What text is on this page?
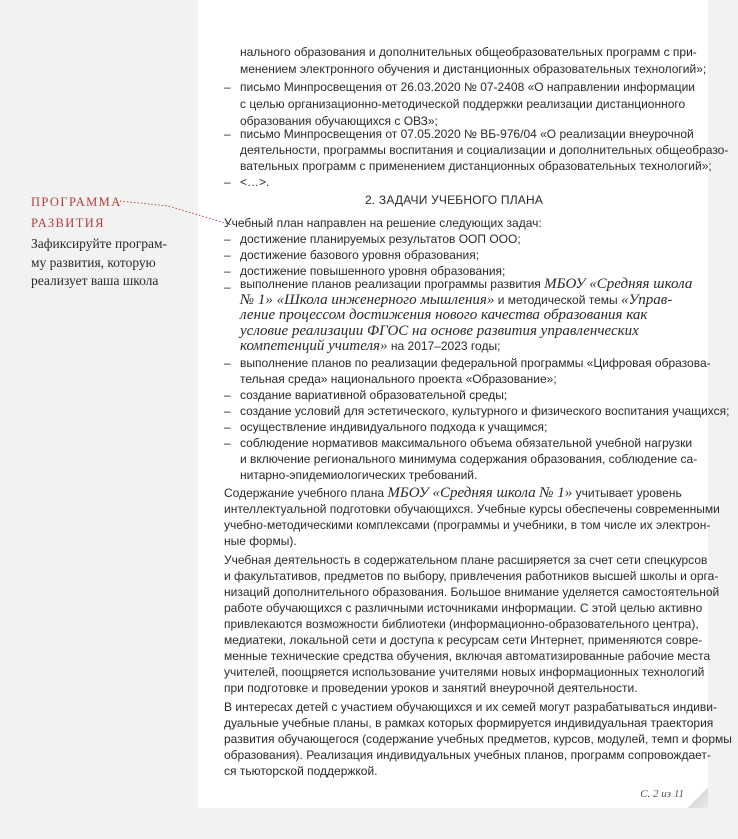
ПРОГРАММА
РАЗВИТИЯ
Зафиксируйте програм-
му развития, которую
реализует ваша школа
нального образования и дополнительных общеобразовательных программ с при-
менением электронного обучения и дистанционных образовательных технологий»;
– письмо Минпросвещения от 26.03.2020 № 07-2408 «О направлении информации
с целью организационно-методической поддержки реализации дистанционного
образования обучающихся с ОВЗ»;
– письмо Минпросвещения от 07.05.2020 № ВБ-976/04 «О реализации внеурочной
деятельности, программы воспитания и социализации и дополнительных общеобразо-
вательных программ с применением дистанционных образовательных технологий»;
– <…>.
2. ЗАДАЧИ УЧЕБНОГО ПЛАНА
Учебный план направлен на решение следующих задач:
– достижение планируемых результатов ООП ООО;
– достижение базового уровня образования;
– достижение повышенного уровня образования;
– выполнение планов реализации программы развития МБОУ «Средняя школа
№ 1» «Школа инженерного мышления» и методической темы «Управ-
ление процессом достижения нового качества образования как
условие реализации ФГОС на основе развития управленческих
компетенций учителя» на 2017–2023 годы;
– выполнение планов по реализации федеральной программы «Цифровая образова-
тельная среда» национального проекта «Образование»;
– создание вариативной образовательной среды;
– создание условий для эстетического, культурного и физического воспитания учащихся;
– осуществление индивидуального подхода к учащимся;
– соблюдение нормативов максимального объема обязательной учебной нагрузки
и включение регионального минимума содержания образования, соблюдение са-
нитарно-эпидемиологических требований.
Содержание учебного плана МБОУ «Средняя школа № 1» учитывает уровень
интеллектуальной подготовки обучающихся. Учебные курсы обеспечены современными
учебно-методическими комплексами (программы и учебники, в том числе их электрон-
ные формы).
Учебная деятельность в содержательном плане расширяется за счет сети спецкурсов
и факультативов, предметов по выбору, привлечения работников высшей школы и орга-
низаций дополнительного образования. Большое внимание уделяется самостоятельной
работе обучающихся с различными источниками информации. С этой целью активно
привлекаются возможности библиотеки (информационно-образовательного центра),
медиатеки, локальной сети и доступа к ресурсам сети Интернет, применяются совре-
менные технические средства обучения, включая автоматизированные рабочие места
учителей, поощряется использование учителями новых информационных технологий
при подготовке и проведении уроков и занятий внеурочной деятельности.
В интересах детей с участием обучающихся и их семей могут разрабатываться индиви-
дуальные учебные планы, в рамках которых формируется индивидуальная траектория
развития обучающегося (содержание учебных предметов, курсов, модулей, темп и формы
образования). Реализация индивидуальных учебных планов, программ сопровождает-
ся тьюторской поддержкой.
С. 2 из 11
